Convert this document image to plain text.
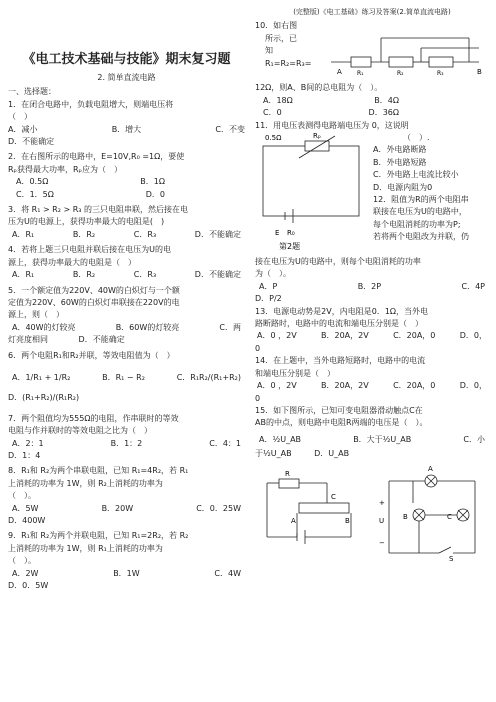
《电工技术基础与技能》期末复习题
2. 简单直流电路
一、选择题：
1．在闭合电路中，负载电阻增大，则端电压将
（　）
A．减小	B．增大	C．不变
D．不能确定
2．在右图所示的电路中，E=10V,R₀ =1Ω，要使
Rₚ获得最大功率，Rₚ应为（　）
A．0.5Ω	B．1Ω
C．1．5Ω	D．0
3．将 R₁ > R₂ > R₃ 的三只电阻串联，然后接在电
压为U的电源上，获得功率最大的电阻是(　)
A．R₁	B．R₂	C．R₃	D．不能确定
4．若将上题三只电阻并联后接在电压为U的电
源上，获得功率最大的电阻是（　）
A．R₁	B．R₂	C．R₃	D．不能确定
5．一个额定值为220V、40W的白炽灯与一个额
定值为220V、60W的白炽灯串联接在220V的电
源上，则（　）
A．40W的灯较亮	B．60W的灯较亮	C．两
灯亮度相同	D．不能确定
6．两个电阻R₁和R₂并联，等效电阻值为（　）
A．1/R₁ + 1/R₂	B．R₁ − R₂	C．R₁R₂/(R₁+R₂)
D．(R₁+R₂)/(R₁R₂)
7．两个阻值均为555Ω的电阻，作串联时的等效
电阻与作并联时的等效电阻之比为（　）
A．2：1	B．1：2	C．4：1
D．1：4
8．R₁和 R₂为两个串联电阻，已知 R₁=4R₂，若 R₁
上消耗的功率为 1W，则 R₂上消耗的功率为
（　）。
A．5W	B．20W	C．0．25W
D．400W
9．R₁和 R₂为两个并联电阻，已知 R₁=2R₂，若 R₂
上消耗的功率为 1W，则 R₁上消耗的功率为
（　）。
A．2W	B．1W	C．4W
D．0．5W
(完整版)《电工基础》练习及答案(2.简单直流电路)
10．如右图
所示，已
知
R₁=R₂=R₃=
A	B
R₁	R₂	R₃
12Ω，则A、B间的总电阻为（　）。
A．18Ω	B．4Ω
C．0	D．36Ω
11．用电压表测得电路端电压为 0，这说明
0.5Ω	Rₚ
E R₀
第2题
（　）.
A．外电路断路
B．外电路短路
C．外电路上电流比较小
D．电源内阻为0
12．阻值为R的两个电阻串
联接在电压为U的电路中，
每个电阻消耗的功率为P;
若将两个电阻改为并联，仍
接在电压为U的电路中，则每个电阻消耗的功率
为（　）。
A．P	B．2P	C．4P
D．P/2
13．电源电动势是2V，内电阻是0．1Ω，当外电
路断路时，电路中的电流和端电压分别是（　）
A．0 ，2V	B．20A，2V	C．20A，0	D．0，
0
14．在上题中，当外电路短路时，电路中的电流
和端电压分别是（　）
A．0 ，2V	B．20A，2V	C．20A，0	D．0，
0
15．如下图所示，已知可变电阻器滑动触点C在
AB的中点，则电路中电阻R两端的电压是（　）。
A．½U_AB	B．大于½U_AB	C．小
于½U_AB	D．U_AB
R
A	B
C
A
B	C
U
+
−
S
